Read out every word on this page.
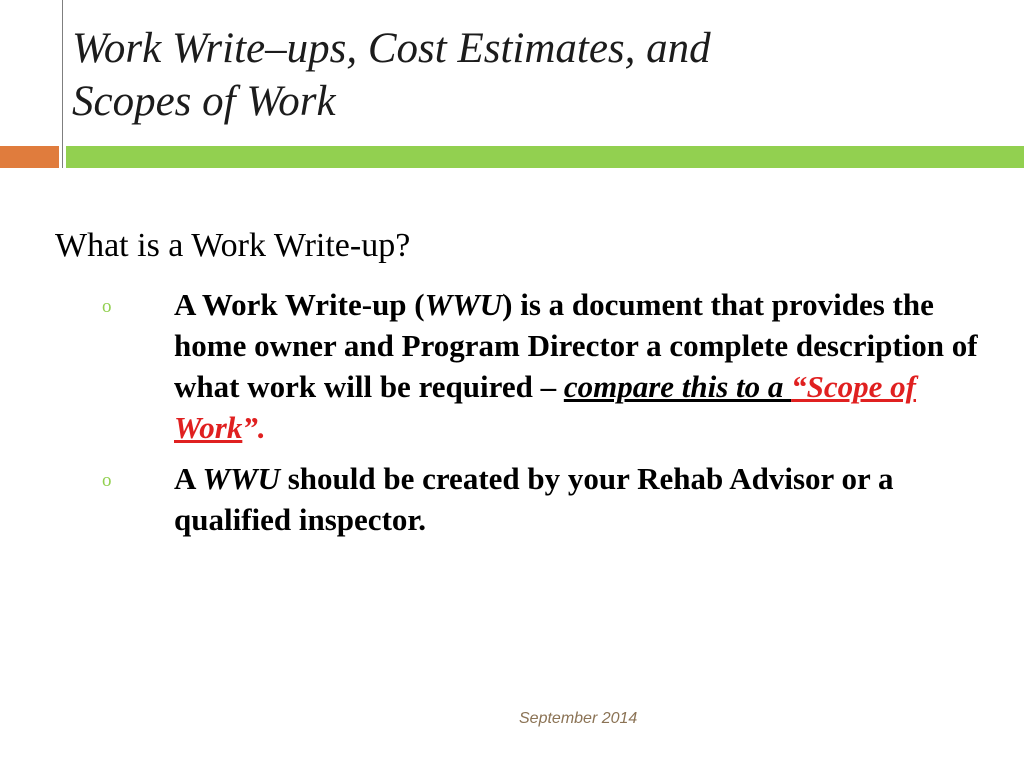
Work Write–ups, Cost Estimates, and
Scopes of Work
What is a Work Write-up?
o A Work Write-up (WWU) is a document that provides the home owner and Program Director a complete description of what work will be required – compare this to a “Scope of Work”.
o A WWU should be created by your Rehab Advisor or a qualified inspector.
September 2014
